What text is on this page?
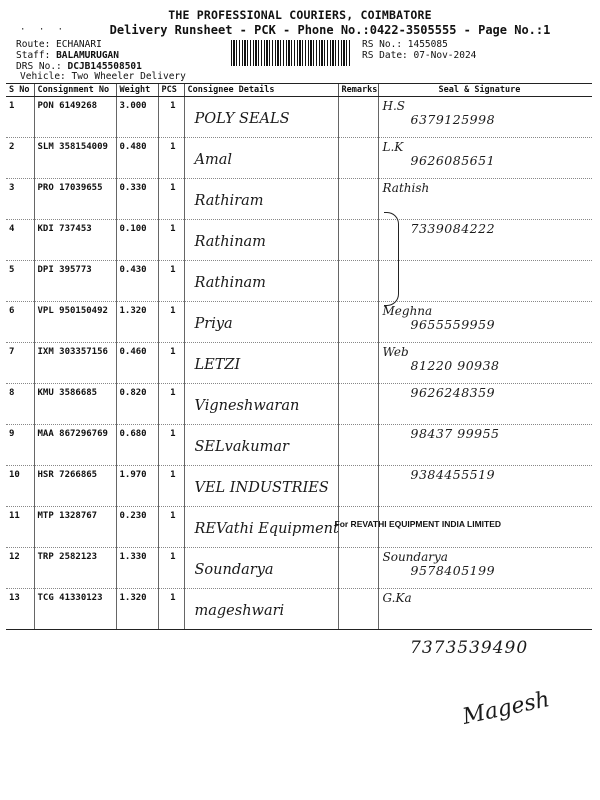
THE PROFESSIONAL COURIERS, COIMBATORE
Delivery Runsheet - PCK - Phone No.:0422-3505555 - Page No.:1
· · ·
Route: ECHANARI
Staff: BALAMURUGAN
DRS No.: DCJB145508501
Vehicle: Two Wheeler Delivery
RS No.: 1455085
RS Date: 07-Nov-2024
S No	Consignment No	Weight	PCS	Consignee Details	Remarks	Seal & Signature
1	PON 6149268	3.000	1	POLY SEALS		H.S
6379125998

2	SLM 358154009	0.480	1	Amal		L.K
9626085651

3	PRO 17039655	0.330	1	Rathiram		Rathish

4	KDI 737453	0.100	1	Rathinam		7339084222

5	DPI 395773	0.430	1	Rathinam		

6	VPL 950150492	1.320	1	Priya		Meghna
9655559959

7	IXM 303357156	0.460	1	LETZI		Web
81220 90938

8	KMU 3586685	0.820	1	Vigneshwaran		9626248359

9	MAA 867296769	0.680	1	SELvakumar		98437 99955

10	HSR 7266865	1.970	1	VEL INDUSTRIES		9384455519

11	MTP 1328767	0.230	1	REVathi Equipment	For REVATHI EQUIPMENT INDIA LIMITED	

12	TRP 2582123	1.330	1	Soundarya		Soundarya
9578405199

13	TCG 41330123	1.320	1	mageshwari		G.Ka
7373539490
Magesh
